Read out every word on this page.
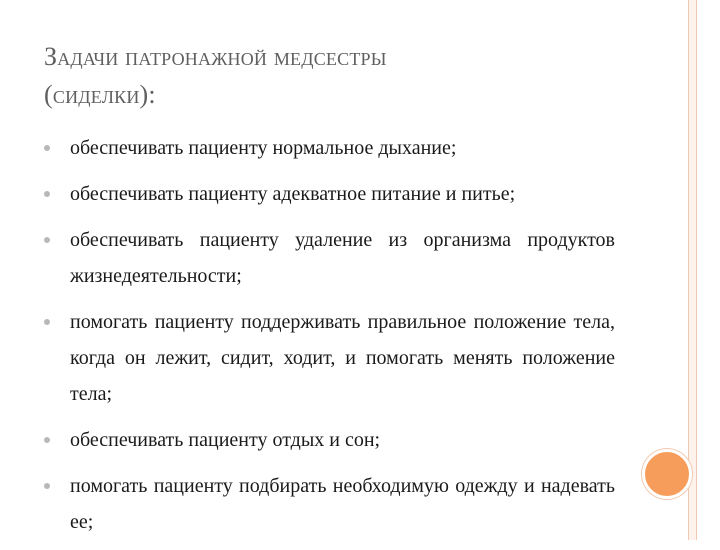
Задачи патронажной медсестры
(сиделки):
обеспечивать пациенту нормальное дыхание;
обеспечивать пациенту адекватное питание и питье;
обеспечивать пациенту удаление из организма продуктов жизнедеятельности;
помогать пациенту поддерживать правильное положение тела, когда он лежит, сидит, ходит, и помогать менять положение тела;
обеспечивать пациенту отдых и сон;
помогать пациенту подбирать необходимую одежду и надевать ее;
